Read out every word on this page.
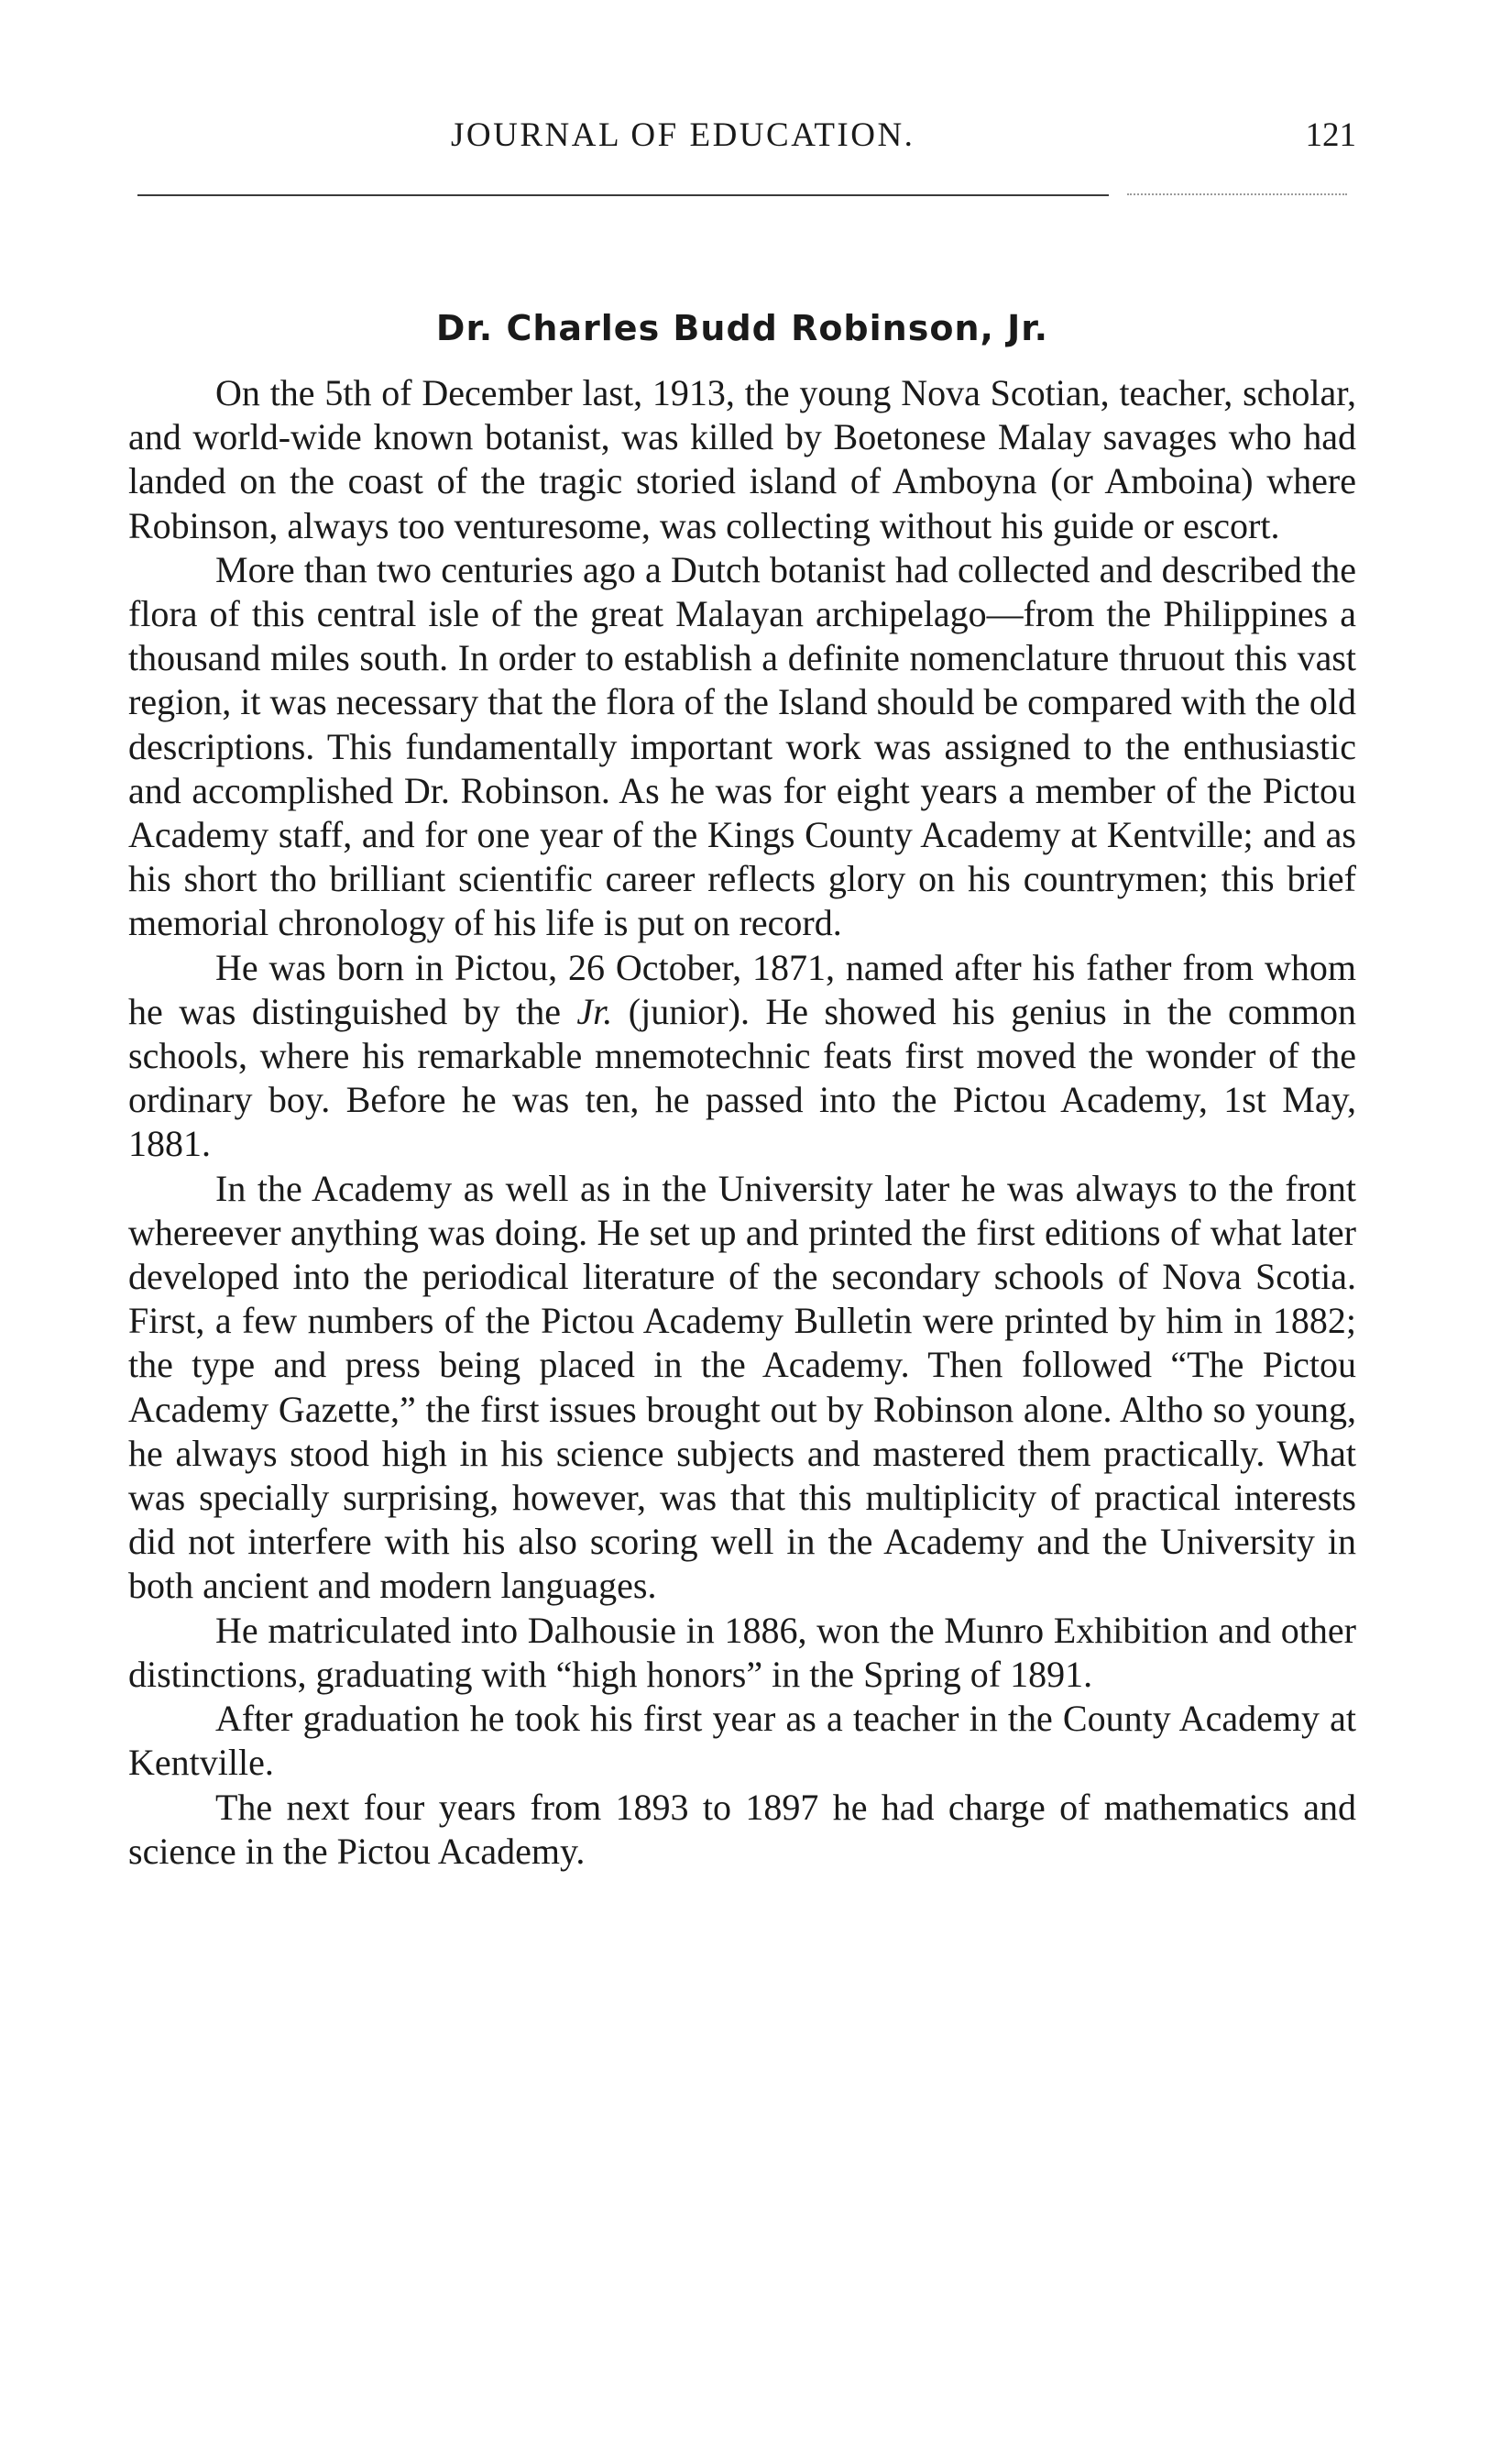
JOURNAL OF EDUCATION.	121
Dr. Charles Budd Robinson, Jr.

On the 5th of December last, 1913, the young Nova Scotian, teacher, scholar, and world-wide known botanist, was killed by Boetonese Malay savages who had landed on the coast of the tragic storied island of Amboyna (or Amboina) where Robinson, always too venturesome, was collecting without his guide or escort.

More than two centuries ago a Dutch botanist had collected and described the flora of this central isle of the great Malayan archipelago—from the Philippines a thousand miles south. In order to establish a definite nomenclature thruout this vast region, it was necessary that the flora of the Island should be compared with the old descriptions. This fundamentally important work was assigned to the enthusiastic and accomplished Dr. Robinson. As he was for eight years a member of the Pictou Academy staff, and for one year of the Kings County Academy at Kentville; and as his short tho brilliant scientific career reflects glory on his countrymen; this brief memorial chronology of his life is put on record.

He was born in Pictou, 26 October, 1871, named after his father from whom he was distinguished by the Jr. (junior). He showed his genius in the common schools, where his remarkable mnemotechnic feats first moved the wonder of the ordinary boy. Before he was ten, he passed into the Pictou Academy, 1st May, 1881.

In the Academy as well as in the University later he was always to the front whereever anything was doing. He set up and printed the first editions of what later developed into the periodical literature of the secondary schools of Nova Scotia. First, a few numbers of the Pictou Academy Bulletin were printed by him in 1882; the type and press being placed in the Academy. Then followed “The Pictou Academy Gazette,” the first issues brought out by Robinson alone. Altho so young, he always stood high in his science subjects and mastered them practically. What was specially surprising, however, was that this multiplicity of practical interests did not interfere with his also scoring well in the Academy and the University in both ancient and modern languages.

He matriculated into Dalhousie in 1886, won the Munro Exhibition and other distinctions, graduating with “high honors” in the Spring of 1891.

After graduation he took his first year as a teacher in the County Academy at Kentville.

The next four years from 1893 to 1897 he had charge of mathematics and science in the Pictou Academy.
